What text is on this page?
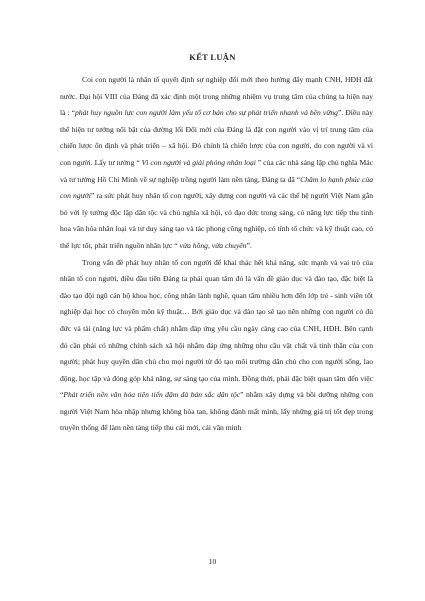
KẾT LUẬN

Coi con người là nhân tố quyết định sự nghiệp đổi mới theo hướng đẩy mạnh CNH, HĐH đất nước. Đại hội VIII của Đảng đã xác định một trong những nhiệm vụ trung tâm của chúng ta hiện nay là : “phát huy nguồn lực con người làm yếu tố cơ bản cho sự phát triển nhanh và bền vững”. Điều này thể hiện tư tưởng nổi bật của đường lối Đổi mới của Đảng là đặt con người vào vị trí trung tâm của chiến lược ổn định và phát triển – xã hội. Đó chính là chiến lược của con người, do con người và vì con người. Lấy tư tưởng “ Vì con người và giải phóng nhân loại ” của các nhà sáng lập chủ nghĩa Mác và tư tưởng Hồ Chí Minh về sự nghiệp trồng người làm nền tảng, Đảng ta đã “Chăm lo hạnh phúc của con người” ra sức phát huy nhân tố con người, xây dựng con người và các thế hệ người Việt Nam gắn bó với lý tưởng độc lập dân tộc và chủ nghĩa xã hội, có đạo đức trong sáng, có năng lực tiếp thu tinh hoa văn hóa nhân loại và tư duy sáng tạo và tác phong công nghiệp, có tính tổ chức và kỹ thuật cao, có thể lực tốt, phát triển nguồn nhân lực “ vừa hồng, vừa chuyên”.

Trong vấn đề phát huy nhân tố con người để khai thác hết khả năng, sức mạnh và vai trò của nhân tố con người, điều đầu tiên Đảng ta phải quan tâm đó là vấn đề giáo dục và đào tạo, đặc biệt là đào tạo đội ngũ cán bộ khoa học, công nhân lành nghề, quan tâm nhiều hơn đến lớp trẻ - sinh viên tốt nghiệp đại học có chuyên môn kỹ thuật… Bởi giáo dục và đào tạo sẽ tạo nên những con người có đủ đức và tài (năng lực và phẩm chất) nhằm đáp ứng yêu cầu ngày càng cao của CNH, HĐH. Bên cạnh đó cần phải có những chính sách xã hội nhằm đáp ứng những nhu cầu vật chất và tinh thần của con người; phát huy quyền dân chủ cho mọi người từ đó tạo môi trường dân chủ cho con người sống, lao động, học tập và đóng góp khả năng, sự sáng tạo của mình. Đồng thời, phải đặc biệt quan tâm đến việc “Phát triển nền văn hóa tiên tiến đậm đà bản sắc dân tộc” nhằm xây dựng và bồi dưỡng những con người Việt Nam hòa nhập nhưng không hòa tan, không đánh mất mình, lấy những giá trị tốt đẹp trong truyền thống để làm nền tảng tiếp thu cái mới, cái văn minh

10
